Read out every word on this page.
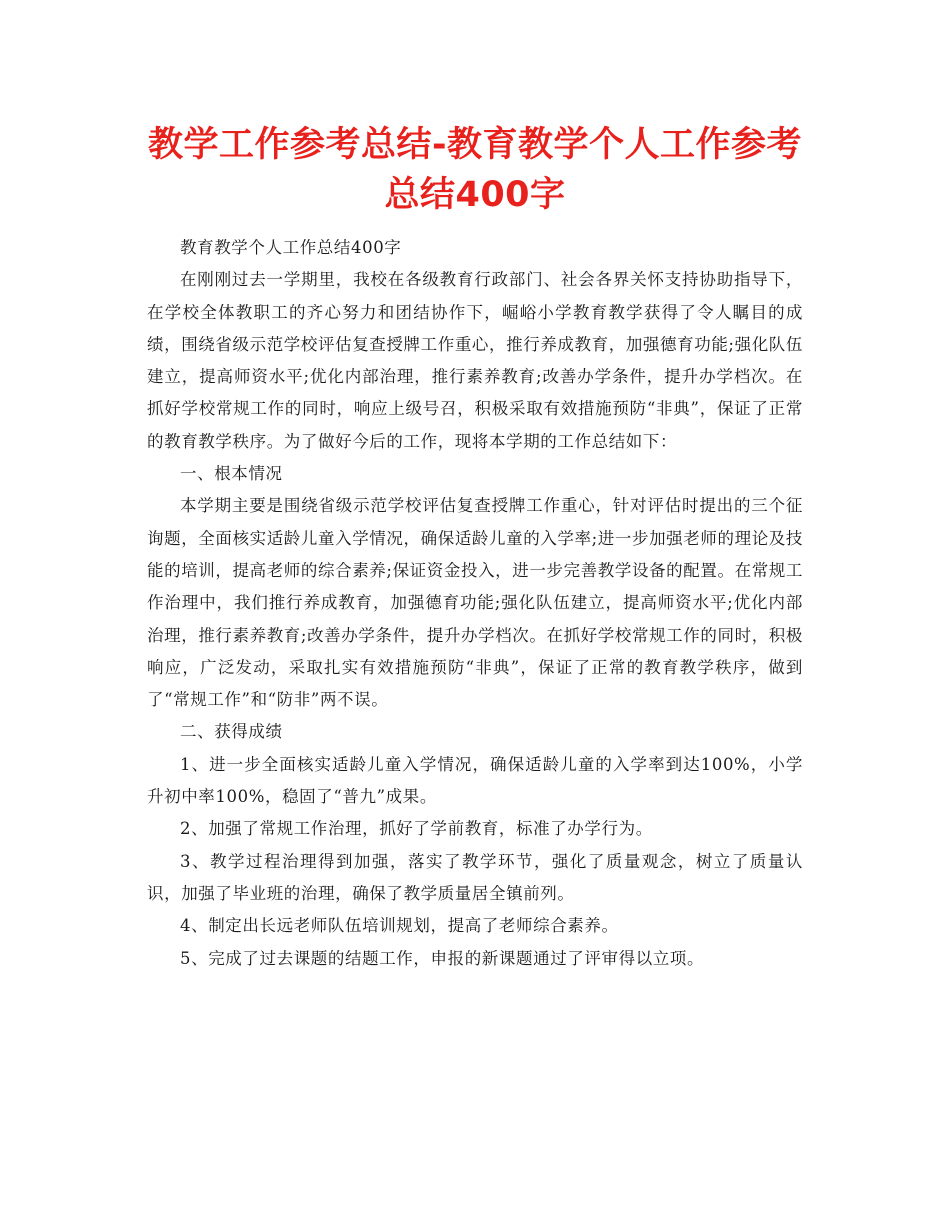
教学工作参考总结-教育教学个人工作参考总结400字

教育教学个人工作总结400字

在刚刚过去一学期里，我校在各级教育行政部门、社会各界关怀支持协助指导下，在学校全体教职工的齐心努力和团结协作下，崛峪小学教育教学获得了令人瞩目的成绩，围绕省级示范学校评估复查授牌工作重心，推行养成教育，加强德育功能;强化队伍建立，提高师资水平;优化内部治理，推行素养教育;改善办学条件，提升办学档次。在抓好学校常规工作的同时，响应上级号召，积极采取有效措施预防“非典”，保证了正常的教育教学秩序。为了做好今后的工作，现将本学期的工作总结如下：

一、根本情况

本学期主要是围绕省级示范学校评估复查授牌工作重心，针对评估时提出的三个征询题，全面核实适龄儿童入学情况，确保适龄儿童的入学率;进一步加强老师的理论及技能的培训，提高老师的综合素养;保证资金投入，进一步完善教学设备的配置。在常规工作治理中，我们推行养成教育，加强德育功能;强化队伍建立，提高师资水平;优化内部治理，推行素养教育;改善办学条件，提升办学档次。在抓好学校常规工作的同时，积极响应，广泛发动，采取扎实有效措施预防“非典”，保证了正常的教育教学秩序，做到了“常规工作”和“防非”两不误。

二、获得成绩

1、进一步全面核实适龄儿童入学情况，确保适龄儿童的入学率到达100%，小学升初中率100%，稳固了“普九”成果。

2、加强了常规工作治理，抓好了学前教育，标准了办学行为。

3、教学过程治理得到加强，落实了教学环节，强化了质量观念，树立了质量认识，加强了毕业班的治理，确保了教学质量居全镇前列。

4、制定出长远老师队伍培训规划，提高了老师综合素养。

5、完成了过去课题的结题工作，申报的新课题通过了评审得以立项。
